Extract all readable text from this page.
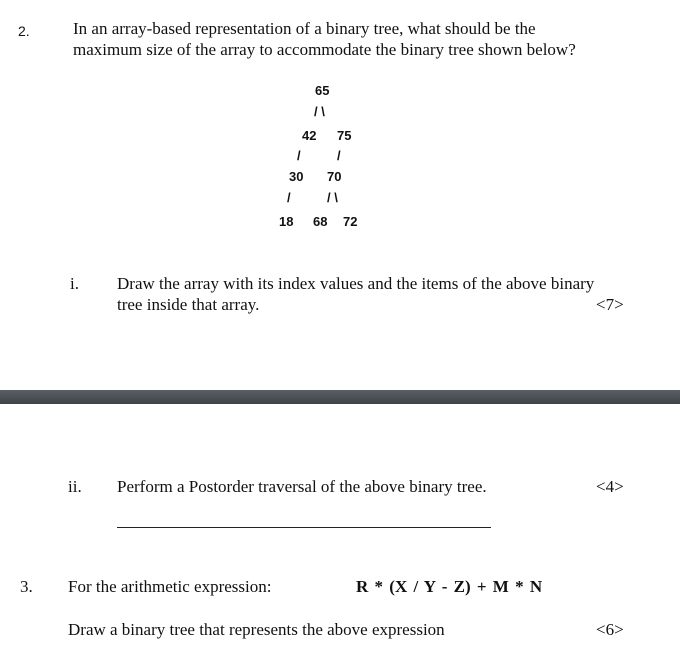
2.	In an array-based representation of a binary tree, what should be the
maximum size of the array to accommodate the binary tree shown below?
65
/ \
42 75
/	/
30 70
/	/ \
18 68 72
i. Draw the array with its index values and the items of the above binary
tree inside that array.	<7>
ii. Perform a Postorder traversal of the above binary tree.	<4>
3. For the arithmetic expression:	R * (X / Y - Z) + M * N
Draw a binary tree that represents the above expression	<6>
